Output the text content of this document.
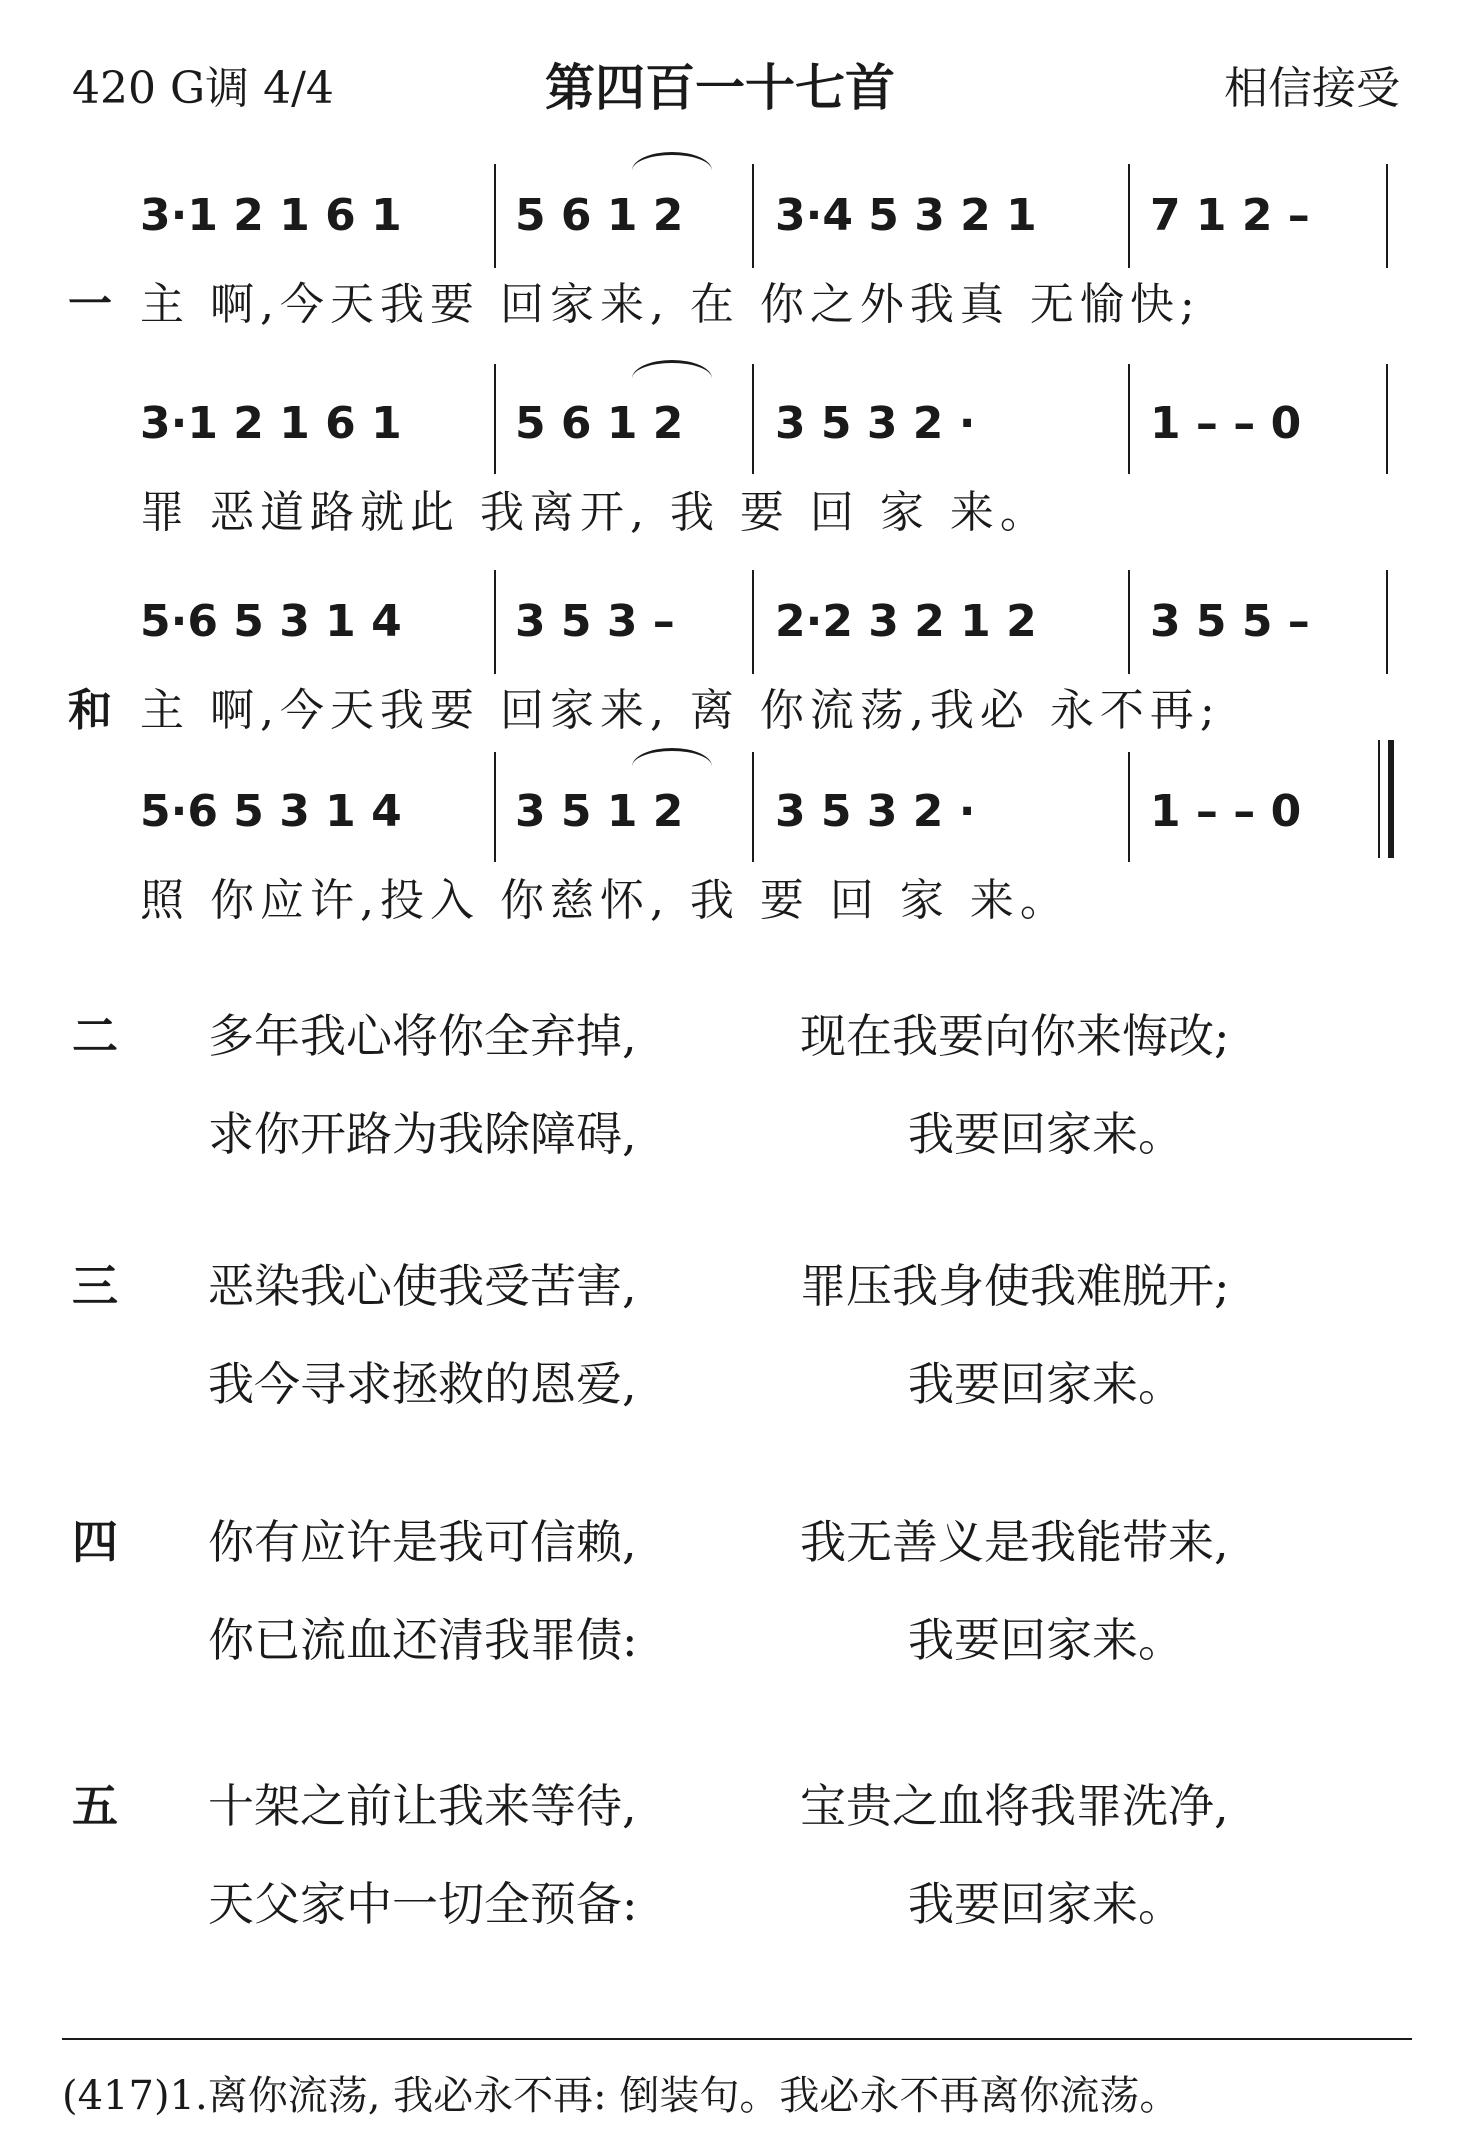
420 G调 4/4	第四百一十七首	相信接受
一
3·1 2 1 6 1	5 6 1 2 3·4 5 3 2 1	7 1 2 –
主 啊,今天我要 回家来, 在 你之外我真 无愉快;
3·1 2 1 6 1	5 6 1 2 3 5 3 2 ·	1 – – 0
罪 恶道路就此 我离开, 我 要 回 家 来。
和
5·6 5 3 1 4	3 5 3 – 2·2 3 2 1 2	3 5 5 –
主 啊,今天我要 回家来, 离 你流荡,我必 永不再;
5·6 5 3 1 4	3 5 1 2 3 5 3 2 ·	1 – – 0
照 你应许,投入 你慈怀, 我 要 回 家 来。
二 多年我心将你全弃掉,	现在我要向你来悔改;
求你开路为我除障碍,	我要回家来。
三 恶染我心使我受苦害,	罪压我身使我难脱开;
我今寻求拯救的恩爱,	我要回家来。
四 你有应许是我可信赖,	我无善义是我能带来,
你已流血还清我罪债:	我要回家来。
五 十架之前让我来等待,	宝贵之血将我罪洗净,
天父家中一切全预备:	我要回家来。
(417)1.离你流荡, 我必永不再: 倒装句。我必永不再离你流荡。
